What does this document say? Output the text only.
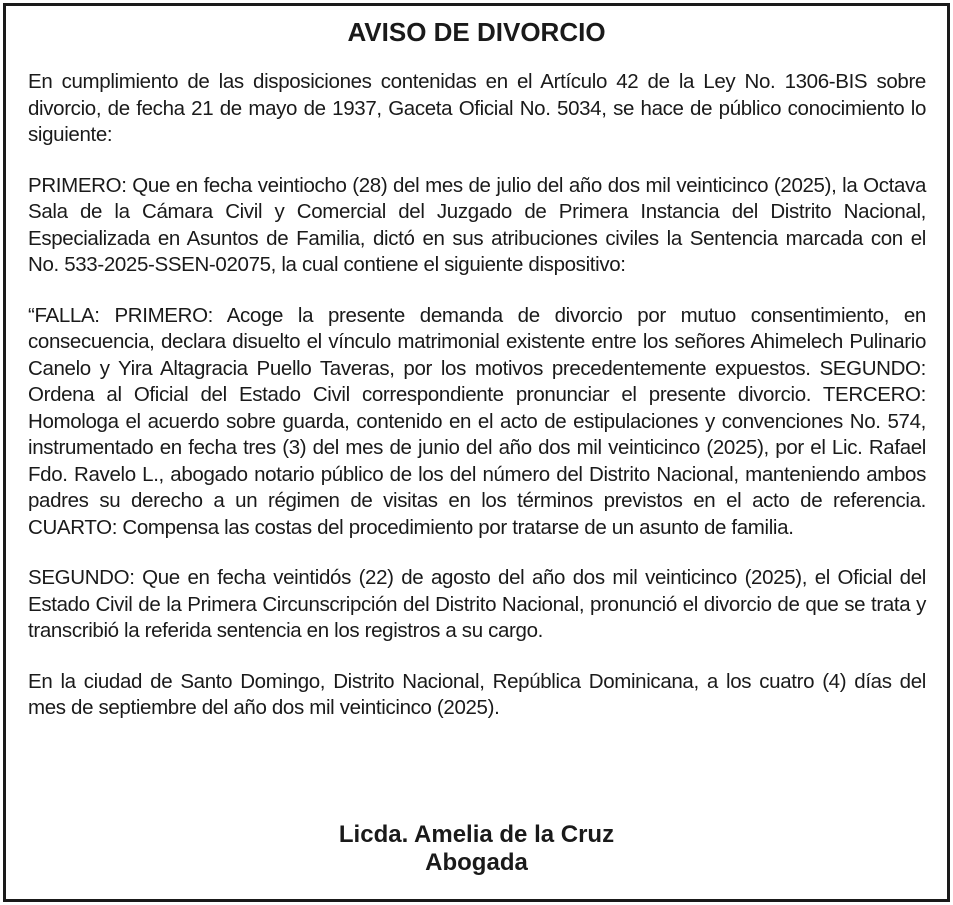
AVISO DE DIVORCIO

En cumplimiento de las disposiciones contenidas en el Artículo 42 de la Ley No. 1306-BIS sobre divorcio, de fecha 21 de mayo de 1937, Gaceta Oficial No. 5034, se hace de público conocimiento lo siguiente:

PRIMERO: Que en fecha veintiocho (28) del mes de julio del año dos mil veinticinco (2025), la Octava Sala de la Cámara Civil y Comercial del Juzgado de Primera Instancia del Distrito Nacional, Especializada en Asuntos de Familia, dictó en sus atribuciones civiles la Sentencia marcada con el No. 533-2025-SSEN-02075, la cual contiene el siguiente dispositivo:

“FALLA: PRIMERO: Acoge la presente demanda de divorcio por mutuo consentimiento, en consecuencia, declara disuelto el vínculo matrimonial existente entre los señores Ahimelech Pulinario Canelo y Yira Altagracia Puello Taveras, por los motivos precedentemente expuestos. SEGUNDO: Ordena al Oficial del Estado Civil correspondiente pronunciar el presente divorcio. TERCERO: Homologa el acuerdo sobre guarda, contenido en el acto de estipulaciones y convenciones No. 574, instrumentado en fecha tres (3) del mes de junio del año dos mil veinticinco (2025), por el Lic. Rafael Fdo. Ravelo L., abogado notario público de los del número del Distrito Nacional, manteniendo ambos padres su derecho a un régimen de visitas en los términos previstos en el acto de referencia. CUARTO: Compensa las costas del procedimiento por tratarse de un asunto de familia.

SEGUNDO: Que en fecha veintidós (22) de agosto del año dos mil veinticinco (2025), el Oficial del Estado Civil de la Primera Circunscripción del Distrito Nacional, pronunció el divorcio de que se trata y transcribió la referida sentencia en los registros a su cargo.

En la ciudad de Santo Domingo, Distrito Nacional, República Dominicana, a los cuatro (4) días del mes de septiembre del año dos mil veinticinco (2025).

Licda. Amelia de la Cruz
Abogada
